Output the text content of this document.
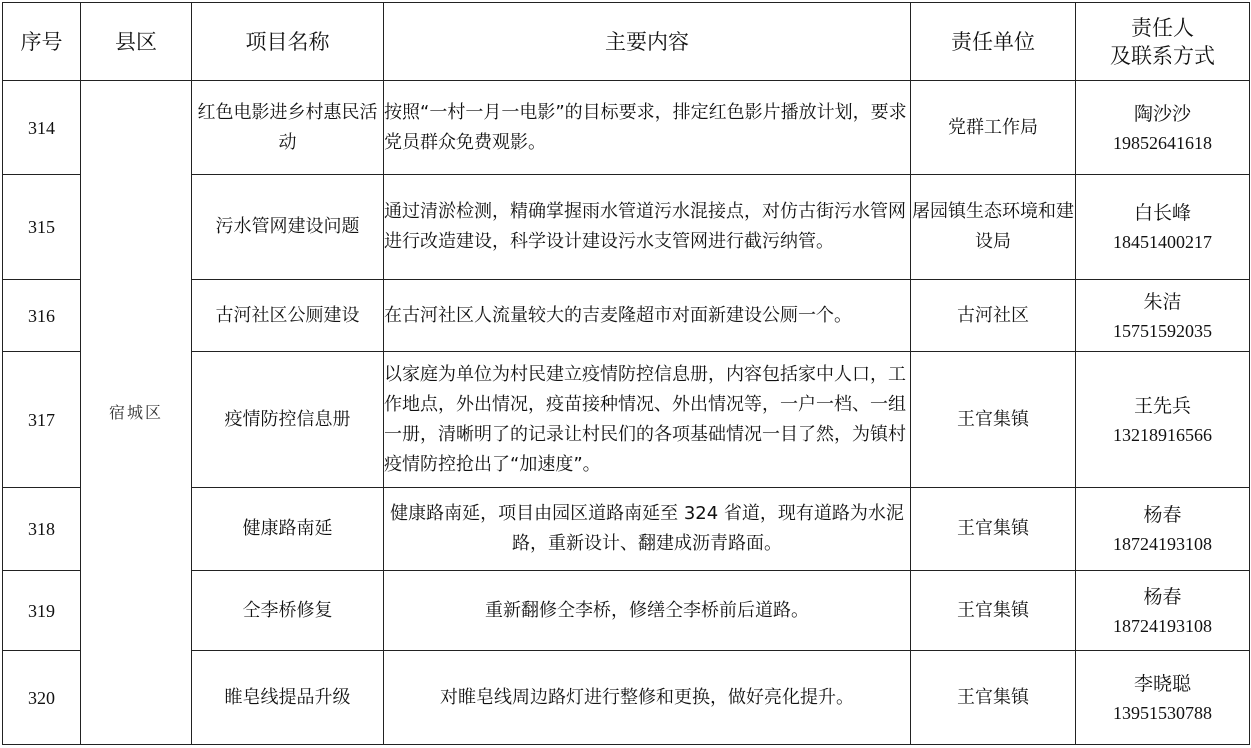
序号	县区	项目名称	主要内容	责任单位	责任人
及联系方式

314	宿城区	红色电影进乡村惠民活动	按照“一村一月一电影”的目标要求，排定红色影片播放计划，要求党员群众免费观影。	党群工作局	陶沙沙
19852641618

315		污水管网建设问题	通过清淤检测，精确掌握雨水管道污水混接点，对仿古街污水管网进行改造建设，科学设计建设污水支管网进行截污纳管。	屠园镇生态环境和建设局	白长峰
18451400217

316		古河社区公厕建设	在古河社区人流量较大的吉麦隆超市对面新建设公厕一个。	古河社区	朱洁
15751592035

317		疫情防控信息册	以家庭为单位为村民建立疫情防控信息册，内容包括家中人口，工作地点，外出情况，疫苗接种情况、外出情况等，一户一档、一组一册，清晰明了的记录让村民们的各项基础情况一目了然，为镇村疫情防控抢出了“加速度”。	王官集镇	王先兵
13218916566

318		健康路南延	健康路南延，项目由园区道路南延至 324 省道，现有道路为水泥路，重新设计、翻建成沥青路面。	王官集镇	杨春
18724193108

319		仝李桥修复	重新翻修仝李桥，修缮仝李桥前后道路。	王官集镇	杨春
18724193108

320		睢皂线提品升级	对睢皂线周边路灯进行整修和更换，做好亮化提升。	王官集镇	李晓聪
13951530788
